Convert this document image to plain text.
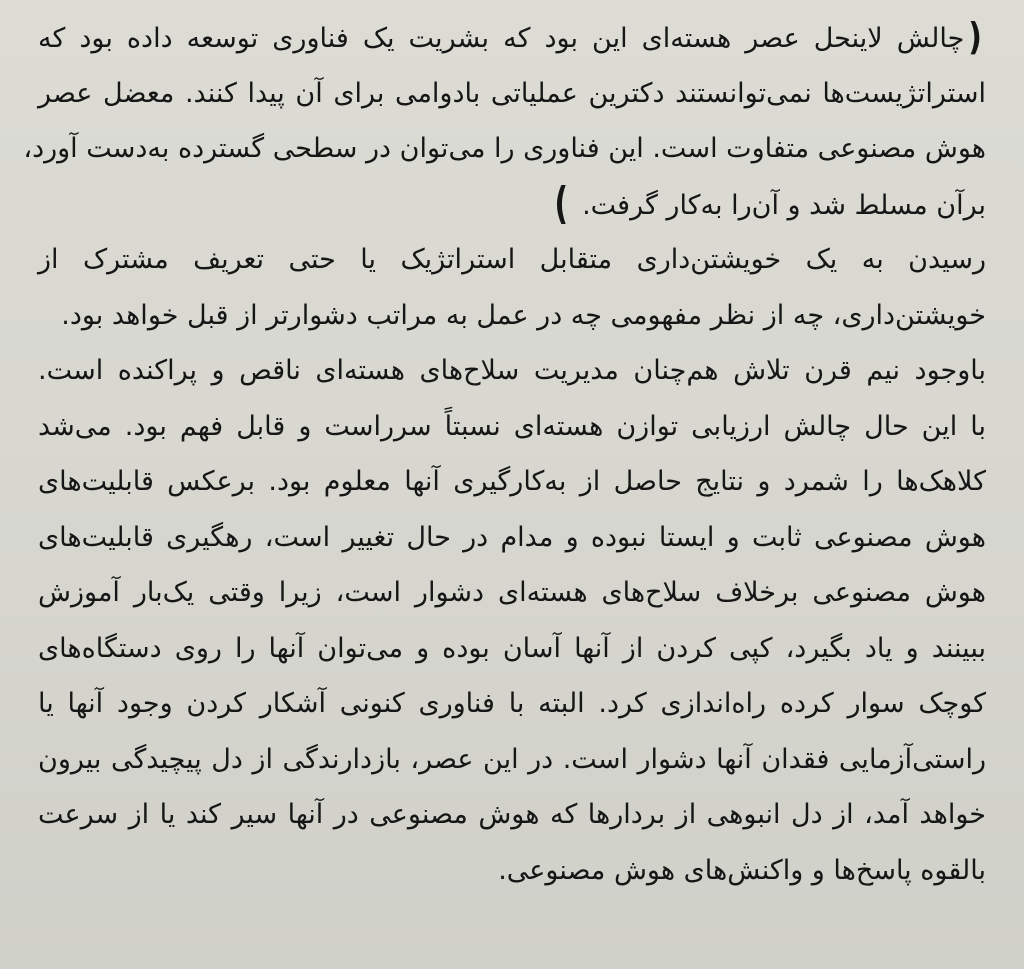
(چالش لاینحل عصر هسته‌ای این بود که بشریت یک فناوری توسعه داده بود که
استراتژیست‌ها نمی‌توانستند دکترین عملیاتی بادوامی برای آن پیدا کنند. معضل عصر
هوش مصنوعی متفاوت است. این فناوری را می‌توان در سطحی گسترده به‌دست آورد،
برآن مسلط شد و آن‌را به‌کار گرفت.)
رسیدن به یک خویشتن‌داری متقابل استراتژیک یا حتی تعریف مشترک از
خویشتن‌داری، چه از نظر مفهومی چه در عمل به مراتب دشوارتر از قبل خواهد بود.
باوجود نیم قرن تلاش هم‌چنان مدیریت سلاح‌های هسته‌ای ناقص و پراکنده است.
با این حال چالش ارزیابی توازن هسته‌ای نسبتاً سرراست و قابل فهم بود. می‌شد
کلاهک‌ها را شمرد و نتایج حاصل از به‌کارگیری آنها معلوم بود. برعکس قابلیت‌های
هوش مصنوعی ثابت و ایستا نبوده و مدام در حال تغییر است، رهگیری قابلیت‌های
هوش مصنوعی برخلاف سلاح‌های هسته‌ای دشوار است، زیرا وقتی یک‌بار آموزش
ببینند و یاد بگیرد، کپی کردن از آنها آسان بوده و می‌توان آنها را روی دستگاه‌های
کوچک سوار کرده راه‌اندازی کرد. البته با فناوری کنونی آشکار کردن وجود آنها یا
راستی‌آزمایی فقدان آنها دشوار است. در این عصر، بازدارندگی از دل پیچیدگی بیرون
خواهد آمد، از دل انبوهی از بردارها که هوش مصنوعی در آنها سیر کند یا از سرعت
بالقوه پاسخ‌ها و واکنش‌های هوش مصنوعی.
